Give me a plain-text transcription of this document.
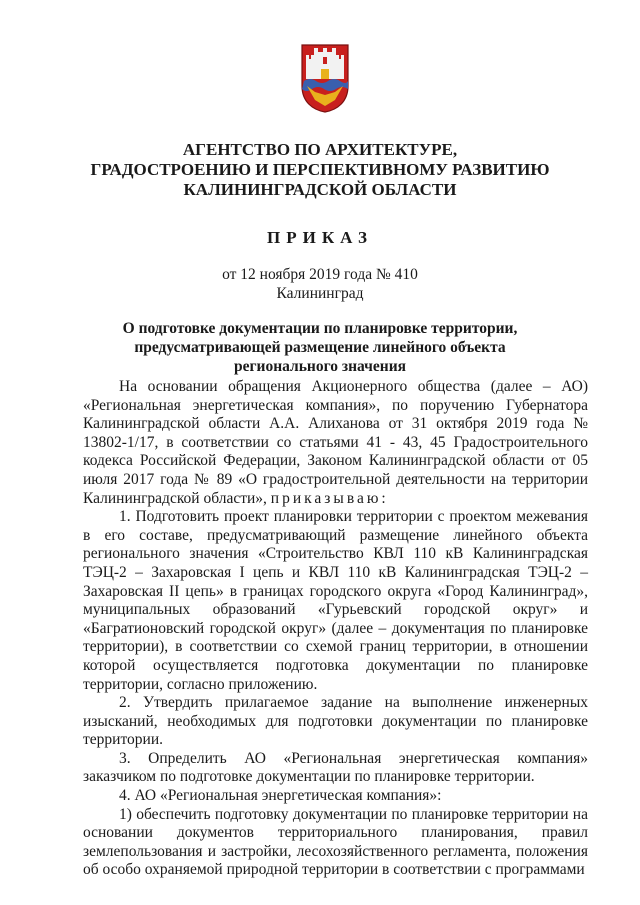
АГЕНТСТВО ПО АРХИТЕКТУРЕ,
ГРАДОСТРОЕНИЮ И ПЕРСПЕКТИВНОМУ РАЗВИТИЮ
КАЛИНИНГРАДСКОЙ ОБЛАСТИ
ПРИКАЗ
от 12 ноября 2019 года № 410
Калининград
О подготовке документации по планировке территории,
предусматривающей размещение линейного объекта
регионального значения

На основании обращения Акционерного общества (далее – АО) «Региональная энергетическая компания», по поручению Губернатора Калининградской области А.А. Алиханова от 31 октября 2019 года № 13802-1/17, в соответствии со статьями 41 - 43, 45 Градостроительного кодекса Российской Федерации, Законом Калининградской области от 05 июля 2017 года № 89 «О градостроительной деятельности на территории Калининградской области», приказываю:

1. Подготовить проект планировки территории с проектом межевания в его составе, предусматривающий размещение линейного объекта регионального значения «Строительство КВЛ 110 кВ Калининградская ТЭЦ-2 – Захаровская I цепь и КВЛ 110 кВ Калининградская ТЭЦ-2 – Захаровская II цепь» в границах городского округа «Город Калининград», муниципальных образований «Гурьевский городской округ» и «Багратионовский городской округ» (далее – документация по планировке территории), в соответствии со схемой границ территории, в отношении которой осуществляется подготовка документации по планировке территории, согласно приложению.

2. Утвердить прилагаемое задание на выполнение инженерных изысканий, необходимых для подготовки документации по планировке территории.

3. Определить АО «Региональная энергетическая компания» заказчиком по подготовке документации по планировке территории.

4. АО «Региональная энергетическая компания»:

1) обеспечить подготовку документации по планировке территории на основании документов территориального планирования, правил землепользования и застройки, лесохозяйственного регламента, положения об особо охраняемой природной территории в соответствии с программами
